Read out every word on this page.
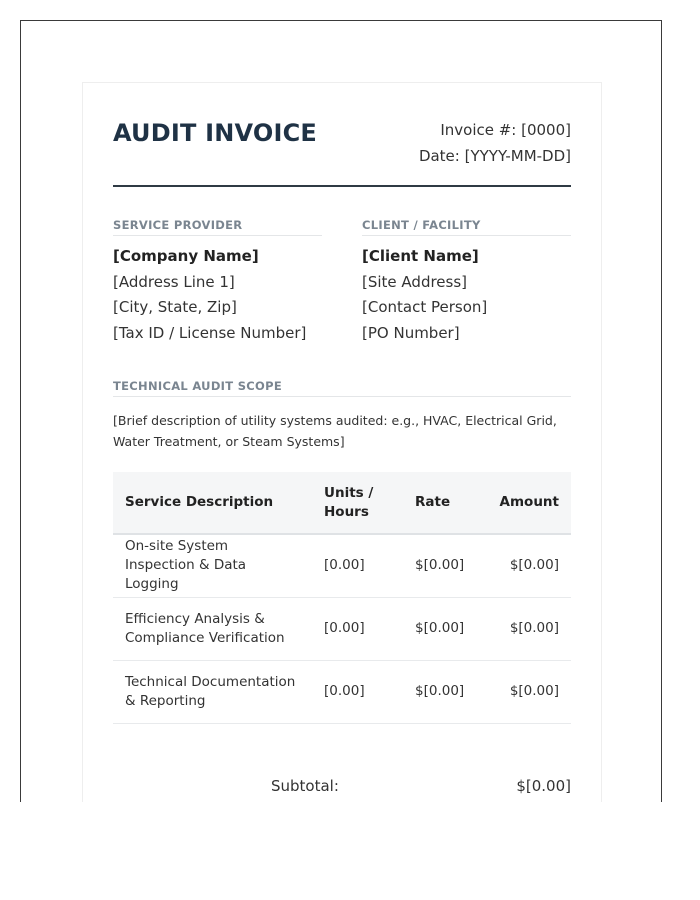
AUDIT INVOICE	Invoice #: [0000]
Date: [YYYY-MM-DD]
SERVICE PROVIDER
[Company Name]
[Address Line 1]
[City, State, Zip]
[Tax ID / License Number]
CLIENT / FACILITY
[Client Name]
[Site Address]
[Contact Person]
[PO Number]
TECHNICAL AUDIT SCOPE
[Brief description of utility systems audited: e.g., HVAC, Electrical Grid, Water Treatment, or Steam Systems]
Service Description	Units / Hours	Rate	Amount
On-site System Inspection & Data Logging	[0.00]	$[0.00]	$[0.00]
Efficiency Analysis & Compliance Verification	[0.00]	$[0.00]	$[0.00]
Technical Documentation & Reporting	[0.00]	$[0.00]	$[0.00]
Subtotal:	$[0.00]
